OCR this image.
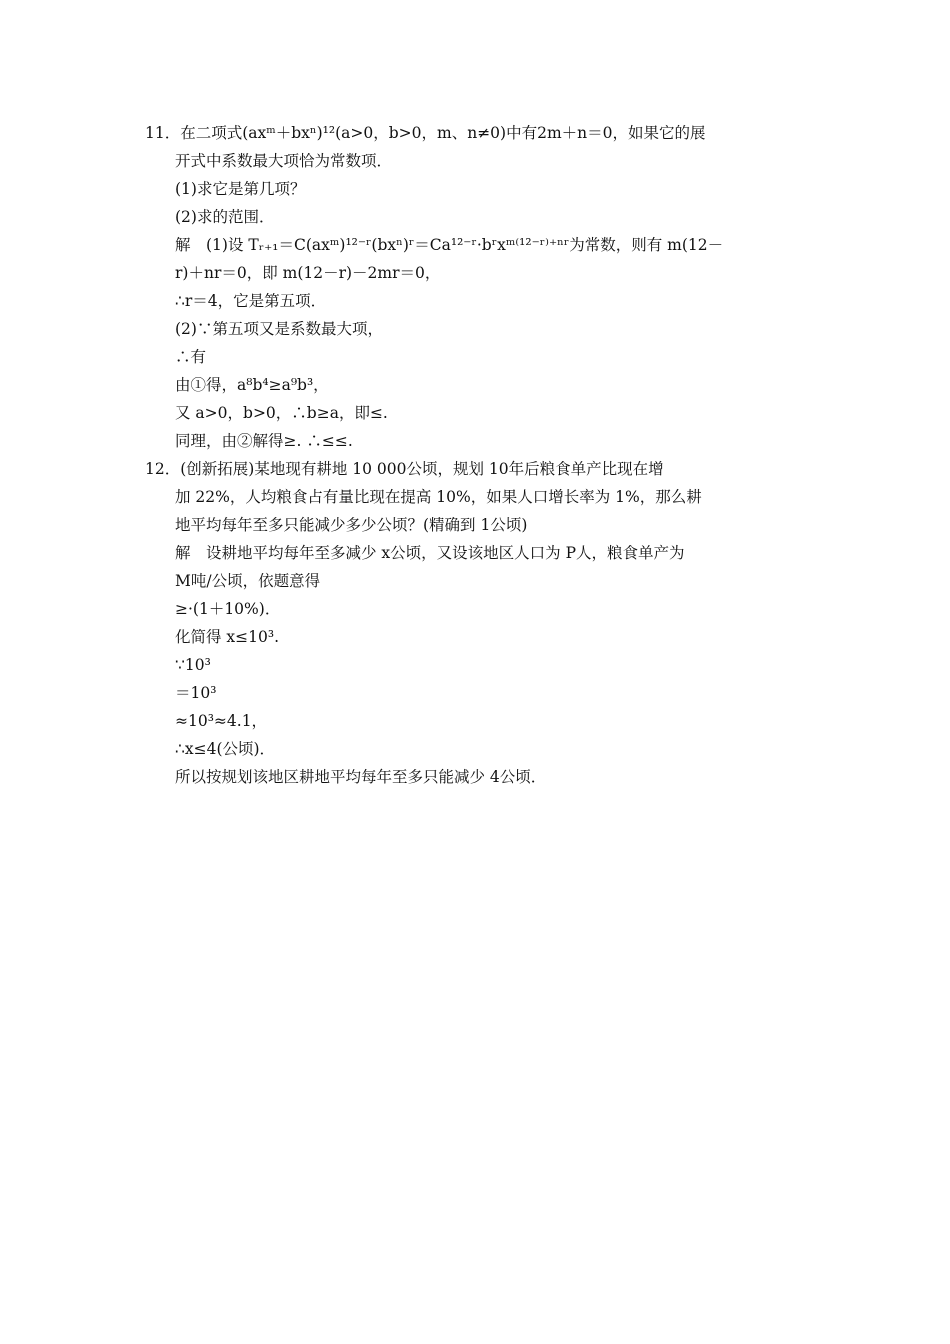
11．在二项式(axᵐ＋bxⁿ)¹²(a>0，b>0，m、n≠0)中有2m＋n＝0，如果它的展
开式中系数最大项恰为常数项．
(1)求它是第几项？
(2)求的范围．
解　(1)设 Tᵣ₊₁＝C(axᵐ)¹²⁻ʳ(bxⁿ)ʳ＝Ca¹²⁻ʳ·bʳxᵐ⁽¹²⁻ʳ⁾⁺ⁿʳ为常数，则有 m(12－
r)＋nr＝0，即 m(12－r)－2mr＝0，
∴r＝4，它是第五项．
(2)∵第五项又是系数最大项，
∴有
由①得，a⁸b⁴≥a⁹b³，
又 a>0，b>0，∴b≥a，即≤.
同理，由②解得≥. ∴≤≤.
12．(创新拓展)某地现有耕地 10 000公顷，规划 10年后粮食单产比现在增
加 22%，人均粮食占有量比现在提高 10%，如果人口增长率为 1%，那么耕
地平均每年至多只能减少多少公顷？(精确到 1公顷)
解　设耕地平均每年至多减少 x公顷，又设该地区人口为 P人，粮食单产为
M吨/公顷，依题意得
≥·(1＋10%)．
化简得 x≤10³.
∵10³
＝10³
≈10³≈4.1，
∴x≤4(公顷)．
所以按规划该地区耕地平均每年至多只能减少 4公顷．
